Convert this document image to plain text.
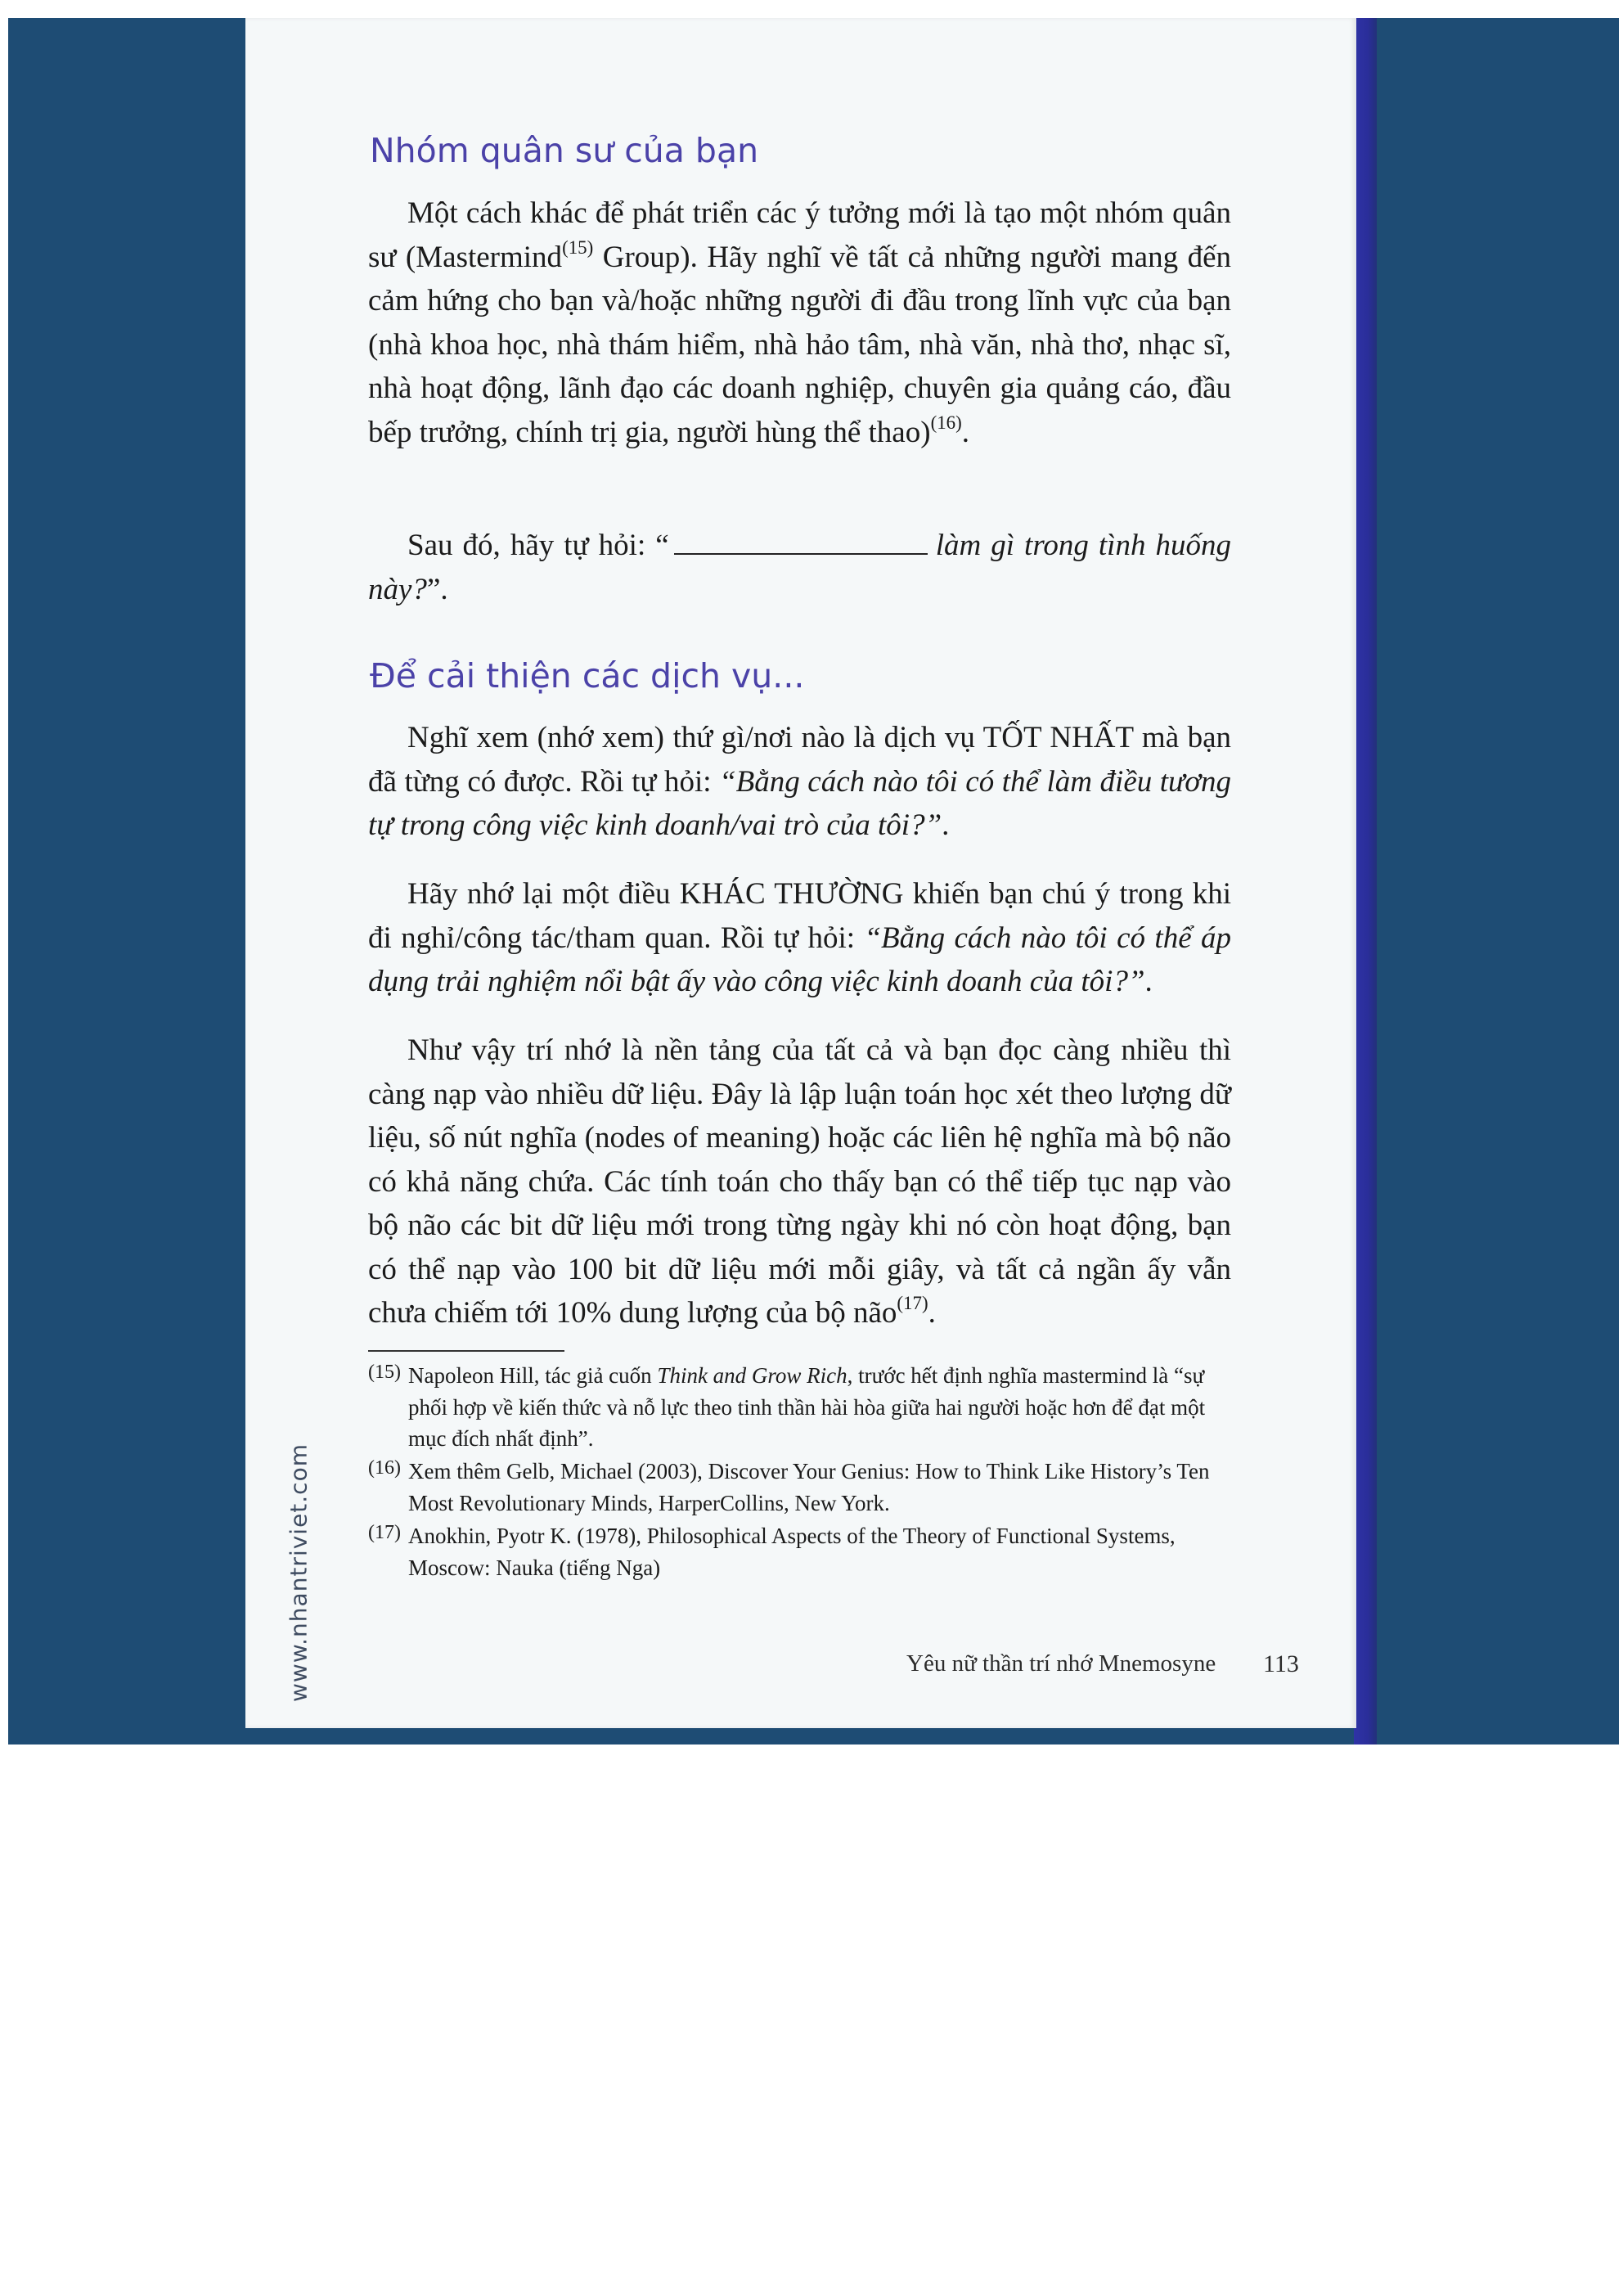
Nhóm quân sư của bạn

Một cách khác để phát triển các ý tưởng mới là tạo một nhóm quân sư (Mastermind$^{(15)}$ Group). Hãy nghĩ về tất cả những người mang đến cảm hứng cho bạn và/hoặc những người đi đầu trong lĩnh vực của bạn (nhà khoa học, nhà thám hiểm, nhà hảo tâm, nhà văn, nhà thơ, nhạc sĩ, nhà hoạt động, lãnh đạo các doanh nghiệp, chuyên gia quảng cáo, đầu bếp trưởng, chính trị gia, người hùng thể thao)$^{(16)}$.

Sau đó, hãy tự hỏi: “	làm gì trong tình huống này?”.

Để cải thiện các dịch vụ...

Nghĩ xem (nhớ xem) thứ gì/nơi nào là dịch vụ TỐT NHẤT mà bạn đã từng có được. Rồi tự hỏi: “Bằng cách nào tôi có thể làm điều tương tự trong công việc kinh doanh/vai trò của tôi?”.

Hãy nhớ lại một điều KHÁC THƯỜNG khiến bạn chú ý trong khi đi nghỉ/công tác/tham quan. Rồi tự hỏi: “Bằng cách nào tôi có thể áp dụng trải nghiệm nổi bật ấy vào công việc kinh doanh của tôi?”.

Như vậy trí nhớ là nền tảng của tất cả và bạn đọc càng nhiều thì càng nạp vào nhiều dữ liệu. Đây là lập luận toán học xét theo lượng dữ liệu, số nút nghĩa (nodes of meaning) hoặc các liên hệ nghĩa mà bộ não có khả năng chứa. Các tính toán cho thấy bạn có thể tiếp tục nạp vào bộ não các bit dữ liệu mới trong từng ngày khi nó còn hoạt động, bạn có thể nạp vào 100 bit dữ liệu mới mỗi giây, và tất cả ngần ấy vẫn chưa chiếm tới 10% dung lượng của bộ não$^{(17)}$.

(15) Napoleon Hill, tác giả cuốn Think and Grow Rich, trước hết định nghĩa mastermind là “sự phối hợp về kiến thức và nỗ lực theo tinh thần hài hòa giữa hai người hoặc hơn để đạt một mục đích nhất định”.
(16) Xem thêm Gelb, Michael (2003), Discover Your Genius: How to Think Like History’s Ten Most Revolutionary Minds, HarperCollins, New York.
(17) Anokhin, Pyotr K. (1978), Philosophical Aspects of the Theory of Functional Systems, Moscow: Nauka (tiếng Nga)
Yêu nữ thần trí nhớ Mnemosyne 113
www.nhantriviet.com
